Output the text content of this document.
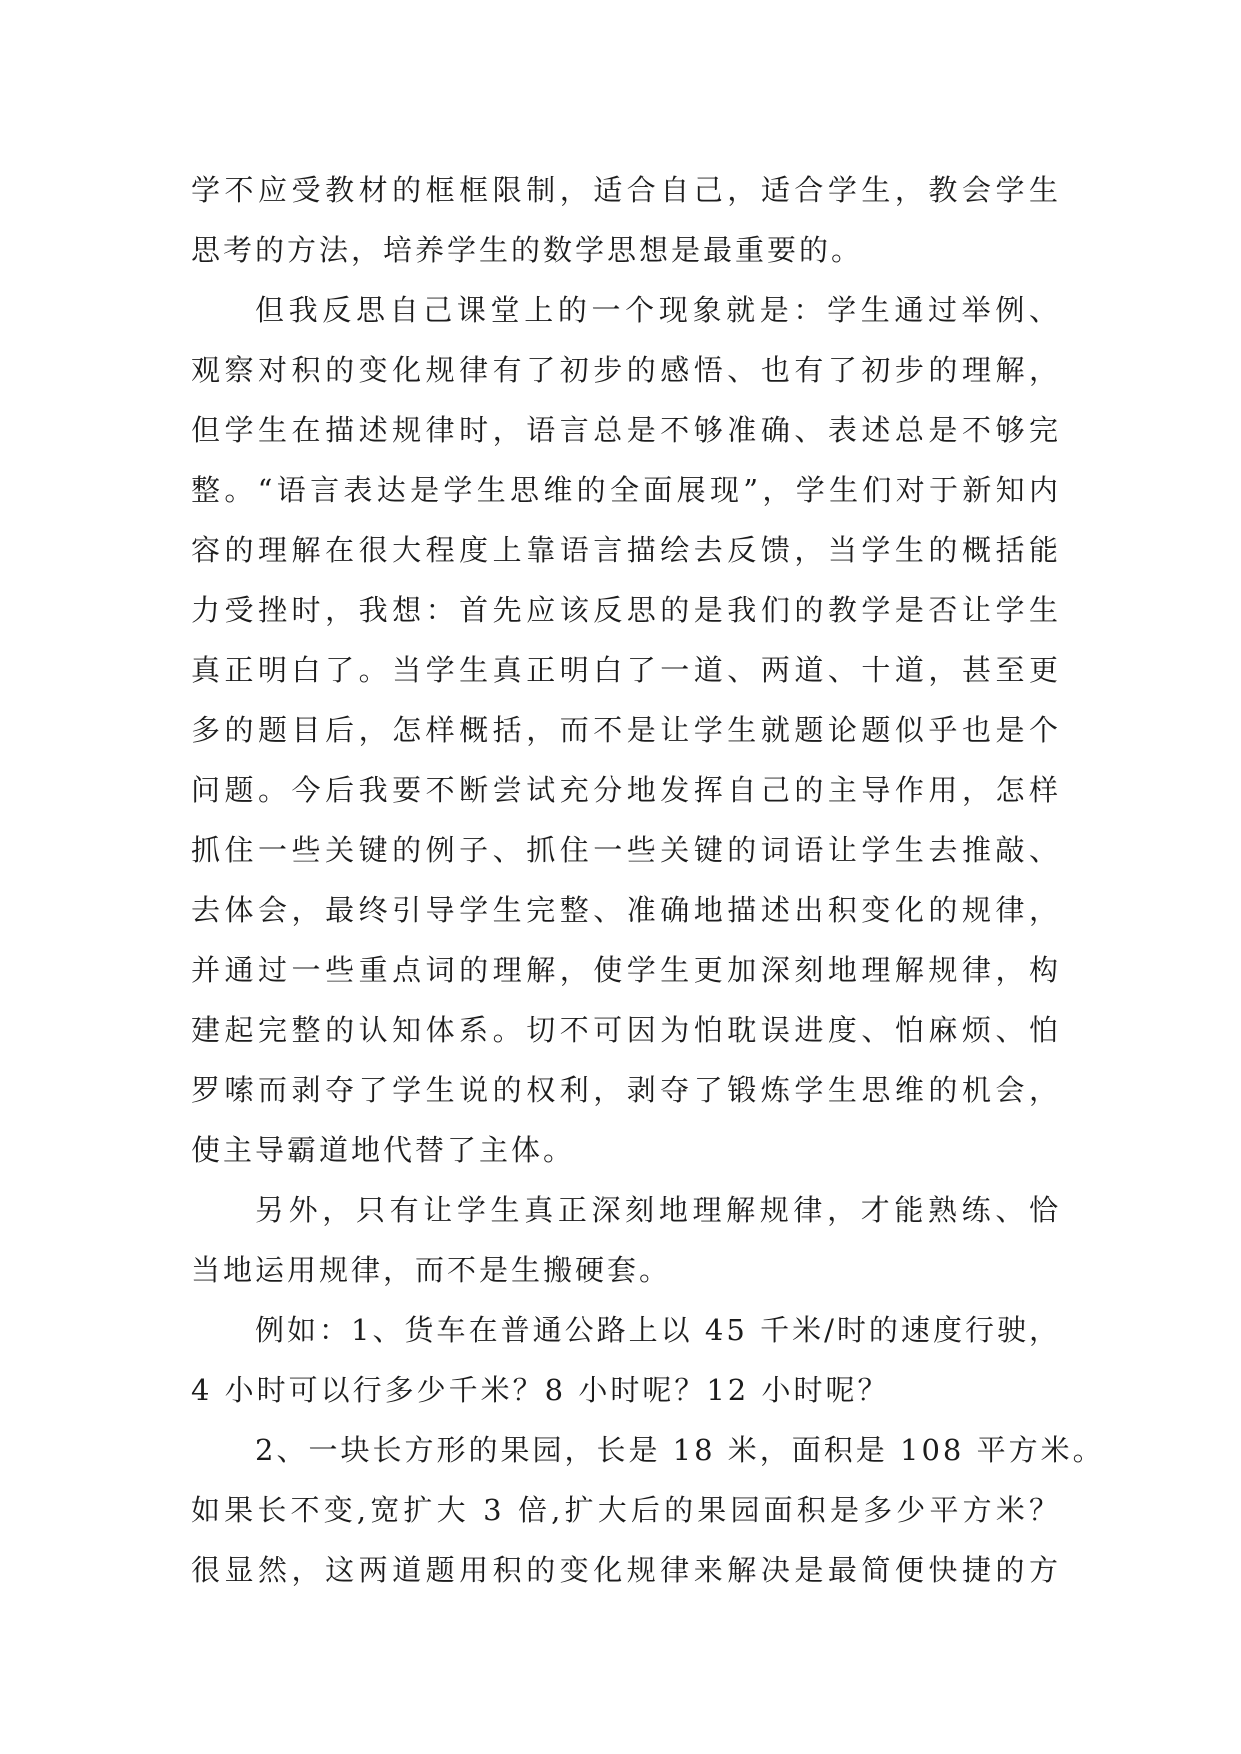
学不应受教材的框框限制，适合自己，适合学生，教会学生
思考的方法，培养学生的数学思想是最重要的。
但我反思自己课堂上的一个现象就是：学生通过举例、
观察对积的变化规律有了初步的感悟、也有了初步的理解，
但学生在描述规律时，语言总是不够准确、表述总是不够完
整。“语言表达是学生思维的全面展现”，学生们对于新知内
容的理解在很大程度上靠语言描绘去反馈，当学生的概括能
力受挫时，我想：首先应该反思的是我们的教学是否让学生
真正明白了。当学生真正明白了一道、两道、十道，甚至更
多的题目后，怎样概括，而不是让学生就题论题似乎也是个
问题。今后我要不断尝试充分地发挥自己的主导作用，怎样
抓住一些关键的例子、抓住一些关键的词语让学生去推敲、
去体会，最终引导学生完整、准确地描述出积变化的规律，
并通过一些重点词的理解，使学生更加深刻地理解规律，构
建起完整的认知体系。切不可因为怕耽误进度、怕麻烦、怕
罗嗦而剥夺了学生说的权利，剥夺了锻炼学生思维的机会，
使主导霸道地代替了主体。
另外，只有让学生真正深刻地理解规律，才能熟练、恰
当地运用规律，而不是生搬硬套。
例如：1、货车在普通公路上以 45 千米/时的速度行驶，
4 小时可以行多少千米？8 小时呢？12 小时呢？
2、一块长方形的果园，长是 18 米，面积是 108 平方米。
如果长不变,宽扩大 3 倍,扩大后的果园面积是多少平方米？
很显然，这两道题用积的变化规律来解决是最简便快捷的方
